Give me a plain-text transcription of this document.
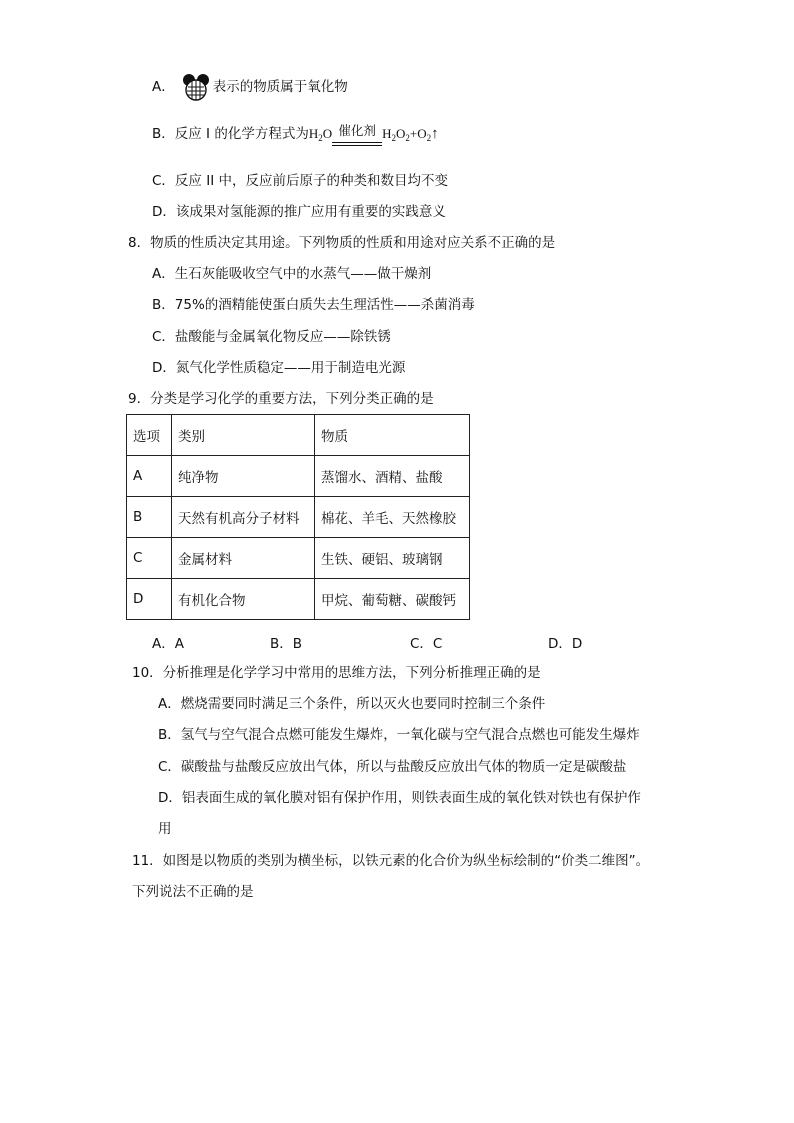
A．	表示的物质属于氧化物
B．反应 I 的化学方程式为$H_2O$ 催化剂 $H_2O_2+O_2↑$
C．反应 II 中，反应前后原子的种类和数目均不变
D．该成果对氢能源的推广应用有重要的实践意义
8．物质的性质决定其用途。下列物质的性质和用途对应关系不正确的是
A．生石灰能吸收空气中的水蒸气——做干燥剂
B．75%的酒精能使蛋白质失去生理活性——杀菌消毒
C．盐酸能与金属氧化物反应——除铁锈
D．氮气化学性质稳定——用于制造电光源
9．分类是学习化学的重要方法，下列分类正确的是
选项	类别	物质
A	纯净物	蒸馏水、酒精、盐酸
B	天然有机高分子材料	棉花、羊毛、天然橡胶
C	金属材料	生铁、硬铝、玻璃钢
D	有机化合物	甲烷、葡萄糖、碳酸钙
A．A	B．B	C．C	D．D
10．分析推理是化学学习中常用的思维方法，下列分析推理正确的是
A．燃烧需要同时满足三个条件，所以灭火也要同时控制三个条件
B．氢气与空气混合点燃可能发生爆炸，一氧化碳与空气混合点燃也可能发生爆炸
C．碳酸盐与盐酸反应放出气体，所以与盐酸反应放出气体的物质一定是碳酸盐
D．铝表面生成的氧化膜对铝有保护作用，则铁表面生成的氧化铁对铁也有保护作
用
11．如图是以物质的类别为横坐标，以铁元素的化合价为纵坐标绘制的“价类二维图”。
下列说法不正确的是
